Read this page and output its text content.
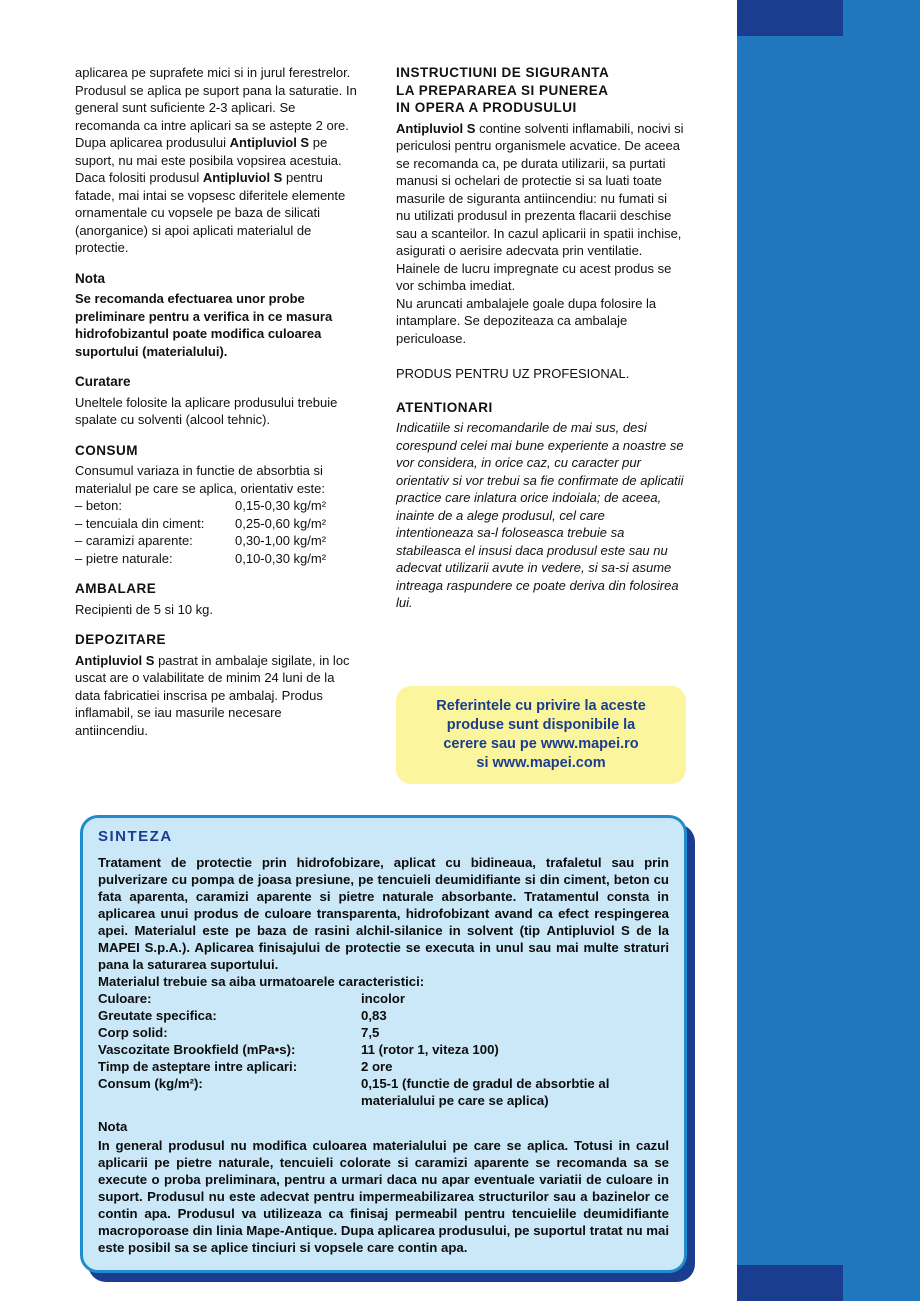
aplicarea pe suprafete mici si in jurul ferestrelor.

Produsul se aplica pe suport pana la saturatie. In general sunt suficiente 2-3 aplicari. Se recomanda ca intre aplicari sa se astepte 2 ore.

Dupa aplicarea produsului Antipluviol S pe suport, nu mai este posibila vopsirea acestuia.

Daca folositi produsul Antipluviol S pentru fatade, mai intai se vopsesc diferitele elemente ornamentale cu vopsele pe baza de silicati (anorganice) si apoi aplicati materialul de protectie.

Nota

Se recomanda efectuarea unor probe preliminare pentru a verifica in ce masura hidrofobizantul poate modifica culoarea suportului (materialului).

Curatare

Uneltele folosite la aplicare produsului trebuie spalate cu solventi (alcool tehnic).

CONSUM

Consumul variaza in functie de absorbtia si materialul pe care se aplica, orientativ este:

– beton:	0,15-0,30 kg/m²
– tencuiala din ciment:	0,25-0,60 kg/m²
– caramizi aparente:	0,30-1,00 kg/m²
– pietre naturale:	0,10-0,30 kg/m²
AMBALARE

Recipienti de 5 si 10 kg.

DEPOZITARE

Antipluviol S pastrat in ambalaje sigilate, in loc uscat are o valabilitate de minim 24 luni de la data fabricatiei inscrisa pe ambalaj. Produs inflamabil, se iau masurile necesare antiincendiu.

INSTRUCTIUNI DE SIGURANTA
LA PREPARAREA SI PUNEREA
IN OPERA A PRODUSULUI

Antipluviol S contine solventi inflamabili, nocivi si periculosi pentru organismele acvatice. De aceea se recomanda ca, pe durata utilizarii, sa purtati manusi si ochelari de protectie si sa luati toate masurile de siguranta antiincendiu: nu fumati si nu utilizati produsul in prezenta flacarii deschise sau a scanteilor. In cazul aplicarii in spatii inchise, asigurati o aerisire adecvata prin ventilatie. Hainele de lucru impregnate cu acest produs se vor schimba imediat.

Nu aruncati ambalajele goale dupa folosire la intamplare. Se depoziteaza ca ambalaje periculoase.

PRODUS PENTRU UZ PROFESIONAL.

ATENTIONARI

Indicatiile si recomandarile de mai sus, desi corespund celei mai bune experiente a noastre se vor considera, in orice caz, cu caracter pur orientativ si vor trebui sa fie confirmate de aplicatii practice care inlatura orice indoiala; de aceea, inainte de a alege produsul, cel care intentioneaza sa-l foloseasca trebuie sa stabileasca el insusi daca produsul este sau nu adecvat utilizarii avute in vedere, si sa-si asume intreaga raspundere ce poate deriva din folosirea lui.

Referintele cu privire la aceste
produse sunt disponibile la
cerere sau pe www.mapei.ro
si www.mapei.com
SINTEZA

Tratament de protectie prin hidrofobizare, aplicat cu bidineaua, trafaletul sau prin pulverizare cu pompa de joasa presiune, pe tencuieli deumidifiante si din ciment, beton cu fata aparenta, caramizi aparente si pietre naturale absorbante. Tratamentul consta in aplicarea unui produs de culoare transparenta, hidrofobizant avand ca efect respingerea apei. Materialul este pe baza de rasini alchil-silanice in solvent (tip Antipluviol S de la MAPEI S.p.A.). Aplicarea finisajului de protectie se executa in unul sau mai multe straturi pana la saturarea suportului.

Materialul trebuie sa aiba urmatoarele caracteristici:

Culoare:	incolor
Greutate specifica:	0,83
Corp solid:	7,5
Vascozitate Brookfield (mPa•s):	11 (rotor 1, viteza 100)
Timp de asteptare intre aplicari:	2 ore
Consum (kg/m²):	0,15-1 (functie de gradul de absorbtie al materialului pe care se aplica)
Nota

In general produsul nu modifica culoarea materialului pe care se aplica. Totusi in cazul aplicarii pe pietre naturale, tencuieli colorate si caramizi aparente se recomanda sa se execute o proba preliminara, pentru a urmari daca nu apar eventuale variatii de culoare in suport. Produsul nu este adecvat pentru impermeabilizarea structurilor sau a bazinelor ce contin apa. Produsul va utilizeaza ca finisaj permeabil pentru tencuielile deumidifiante macroporoase din linia Mape-Antique. Dupa aplicarea produsului, pe suportul tratat nu mai este posibil sa se aplice tinciuri si vopsele care contin apa.
